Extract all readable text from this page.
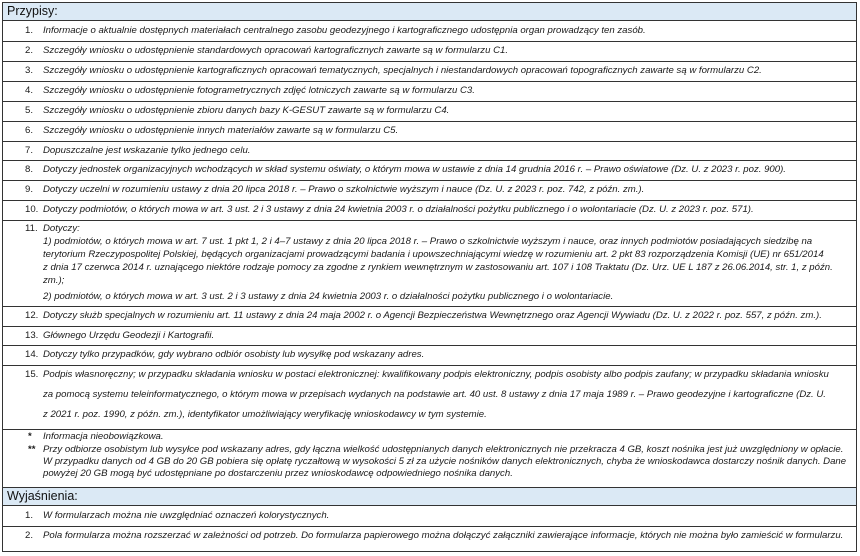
Przypisy:
1.	Informacje o aktualnie dostępnych materiałach centralnego zasobu geodezyjnego i kartograficznego udostępnia organ prowadzący ten zasób.
2.	Szczegóły wniosku o udostępnienie standardowych opracowań kartograficznych zawarte są w formularzu C1.
3.	Szczegóły wniosku o udostępnienie kartograficznych opracowań tematycznych, specjalnych i niestandardowych opracowań topograficznych zawarte są w formularzu C2.
4.	Szczegóły wniosku o udostępnienie fotogrametrycznych zdjęć lotniczych zawarte są w formularzu C3.
5.	Szczegóły wniosku o udostępnienie zbioru danych bazy K-GESUT zawarte są w formularzu C4.
6.	Szczegóły wniosku o udostępnienie innych materiałów zawarte są w formularzu C5.
7.	Dopuszczalne jest wskazanie tylko jednego celu.
8.	Dotyczy jednostek organizacyjnych wchodzących w skład systemu oświaty, o którym mowa w ustawie z dnia 14 grudnia 2016 r. – Prawo oświatowe (Dz. U. z 2023 r. poz. 900).
9.	Dotyczy uczelni w rozumieniu ustawy z dnia 20 lipca 2018 r. – Prawo o szkolnictwie wyższym i nauce (Dz. U. z 2023 r. poz. 742, z późn. zm.).
10. Dotyczy podmiotów, o których mowa w art. 3 ust. 2 i 3 ustawy z dnia 24 kwietnia 2003 r. o działalności pożytku publicznego i o wolontariacie (Dz. U. z 2023 r. poz. 571).
11. Dotyczy:
1) podmiotów, o których mowa w art. 7 ust. 1 pkt 1, 2 i 4–7 ustawy z dnia 20 lipca 2018 r. – Prawo o szkolnictwie wyższym i nauce, oraz innych podmiotów posiadających siedzibę na
terytorium Rzeczypospolitej Polskiej, będących organizacjami prowadzącymi badania i upowszechniającymi wiedzę w rozumieniu art. 2 pkt 83 rozporządzenia Komisji (UE) nr 651/2014
z dnia 17 czerwca 2014 r. uznającego niektóre rodzaje pomocy za zgodne z rynkiem wewnętrznym w zastosowaniu art. 107 i 108 Traktatu (Dz. Urz. UE L 187 z 26.06.2014, str. 1, z późn.
zm.);
2) podmiotów, o których mowa w art. 3 ust. 2 i 3 ustawy z dnia 24 kwietnia 2003 r. o działalności pożytku publicznego i o wolontariacie.
12. Dotyczy służb specjalnych w rozumieniu art. 11 ustawy z dnia 24 maja 2002 r. o Agencji Bezpieczeństwa Wewnętrznego oraz Agencji Wywiadu (Dz. U. z 2022 r. poz. 557, z późn. zm.).
13. Głównego Urzędu Geodezji i Kartografii.
14. Dotyczy tylko przypadków, gdy wybrano odbiór osobisty lub wysyłkę pod wskazany adres.
15. Podpis własnoręczny; w przypadku składania wniosku w postaci elektronicznej: kwalifikowany podpis elektroniczny, podpis osobisty albo podpis zaufany; w przypadku składania wniosku
za pomocą systemu teleinformatycznego, o którym mowa w przepisach wydanych na podstawie art. 40 ust. 8 ustawy z dnia 17 maja 1989 r. – Prawo geodezyjne i kartograficzne (Dz. U.
z 2021 r. poz. 1990, z późn. zm.), identyfikator umożliwiający weryfikację wnioskodawcy w tym systemie.
* Informacja nieobowiązkowa.
** Przy odbiorze osobistym lub wysyłce pod wskazany adres, gdy łączna wielkość udostępnianych danych elektronicznych nie przekracza 4 GB, koszt nośnika jest już uwzględniony w opłacie.
W przypadku danych od 4 GB do 20 GB pobiera się opłatę ryczałtową w wysokości 5 zł za użycie nośników danych elektronicznych, chyba że wnioskodawca dostarczy nośnik danych. Dane
powyżej 20 GB mogą być udostępniane po dostarczeniu przez wnioskodawcę odpowiedniego nośnika danych.
Wyjaśnienia:
1.	W formularzach można nie uwzględniać oznaczeń kolorystycznych.
2.	Pola formularza można rozszerzać w zależności od potrzeb. Do formularza papierowego można dołączyć załączniki zawierające informacje, których nie można było zamieścić w formularzu.
